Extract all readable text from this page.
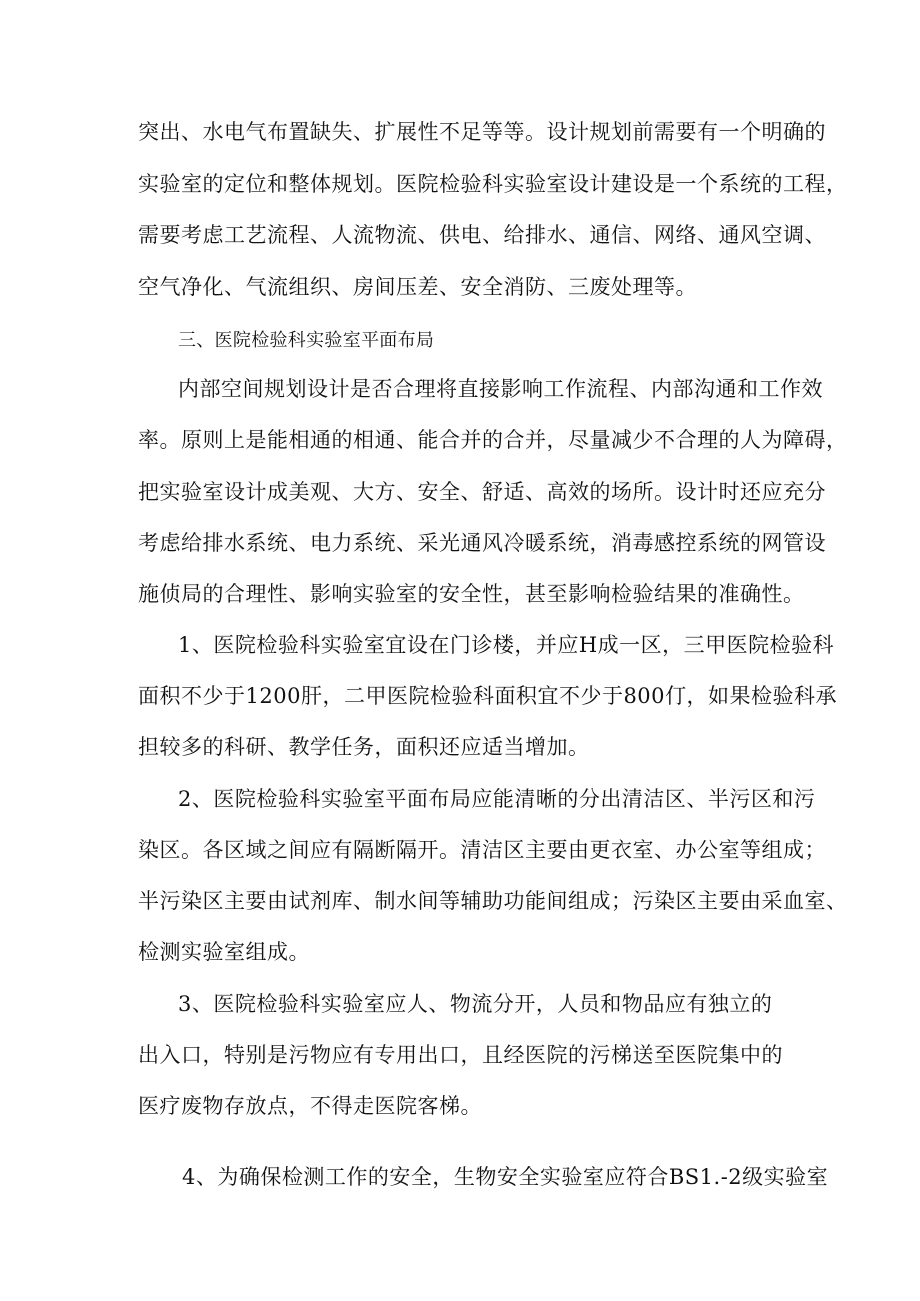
突出、水电气布置缺失、扩展性不足等等。设计规划前需要有一个明确的
实验室的定位和整体规划。医院检验科实验室设计建设是一个系统的工程，
需要考虑工艺流程、人流物流、供电、给排水、通信、网络、通风空调、
空气净化、气流组织、房间压差、安全消防、三废处理等。
三、医院检验科实验室平面布局
内部空间规划设计是否合理将直接影响工作流程、内部沟通和工作效
率。原则上是能相通的相通、能合并的合并，尽量减少不合理的人为障碍，
把实验室设计成美观、大方、安全、舒适、高效的场所。设计时还应充分
考虑给排水系统、电力系统、采光通风冷暖系统，消毒感控系统的网管设
施侦局的合理性、影响实验室的安全性，甚至影响检验结果的准确性。
1、医院检验科实验室宜设在门诊楼，并应H成一区，三甲医院检验科
面积不少于1200肝，二甲医院检验科面积宜不少于800仃，如果检验科承
担较多的科研、教学任务，面积还应适当增加。
2、医院检验科实验室平面布局应能清晰的分出清洁区、半污区和污
染区。各区域之间应有隔断隔开。清洁区主要由更衣室、办公室等组成；
半污染区主要由试剂库、制水间等辅助功能间组成；污染区主要由采血室、
检测实验室组成。
3、医院检验科实验室应人、物流分开，人员和物品应有独立的
出入口，特别是污物应有专用出口，且经医院的污梯送至医院集中的
医疗废物存放点，不得走医院客梯。
4、为确保检测工作的安全，生物安全实验室应符合BS1.-2级实验室
